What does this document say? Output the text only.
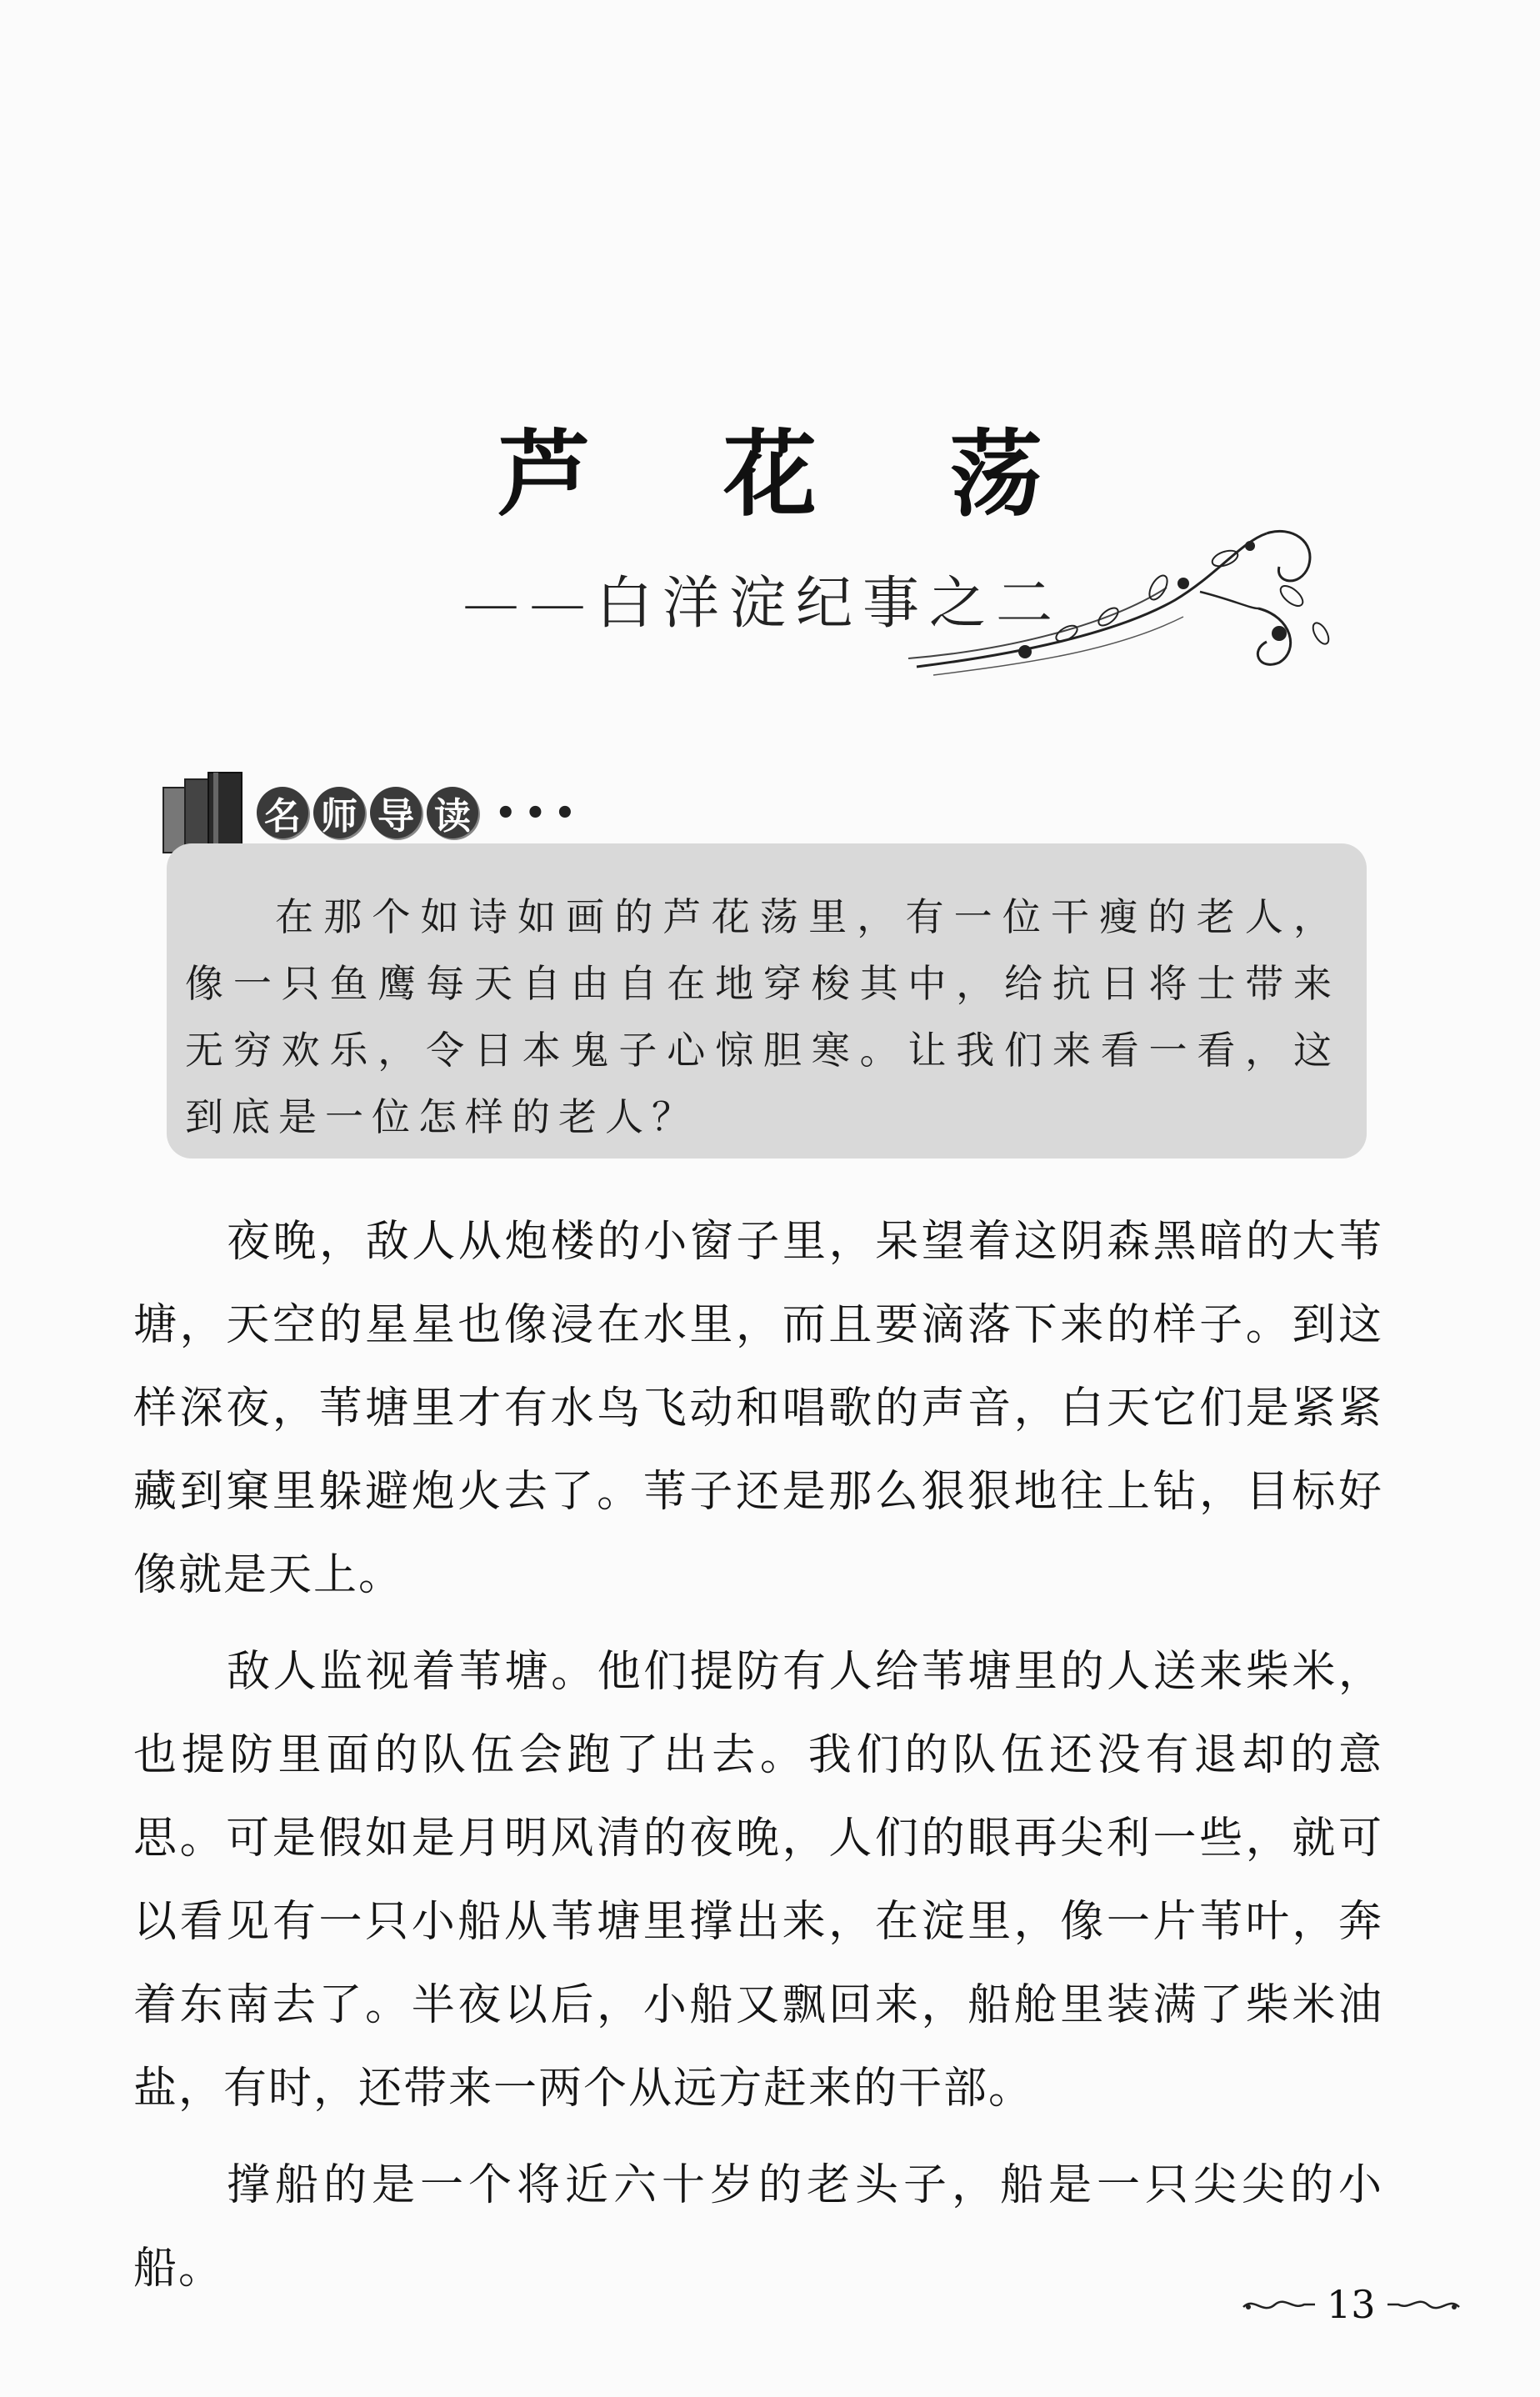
芦 花 荡
——白洋淀纪事之二
名 师 导 读 •••

在那个如诗如画的芦花荡里，有一位干瘦的老人，像一只鱼鹰每天自由自在地穿梭其中，给抗日将士带来无穷欢乐，令日本鬼子心惊胆寒。让我们来看一看，这到底是一位怎样的老人？

夜晚，敌人从炮楼的小窗子里，呆望着这阴森黑暗的大苇塘，天空的星星也像浸在水里，而且要滴落下来的样子。到这样深夜，苇塘里才有水鸟飞动和唱歌的声音，白天它们是紧紧藏到窠里躲避炮火去了。苇子还是那么狠狠地往上钻，目标好像就是天上。

敌人监视着苇塘。他们提防有人给苇塘里的人送来柴米，也提防里面的队伍会跑了出去。我们的队伍还没有退却的意思。可是假如是月明风清的夜晚，人们的眼再尖利一些，就可以看见有一只小船从苇塘里撑出来，在淀里，像一片苇叶，奔着东南去了。半夜以后，小船又飘回来，船舱里装满了柴米油盐，有时，还带来一两个从远方赶来的干部。

撑船的是一个将近六十岁的老头子，船是一只尖尖的小船。

13
